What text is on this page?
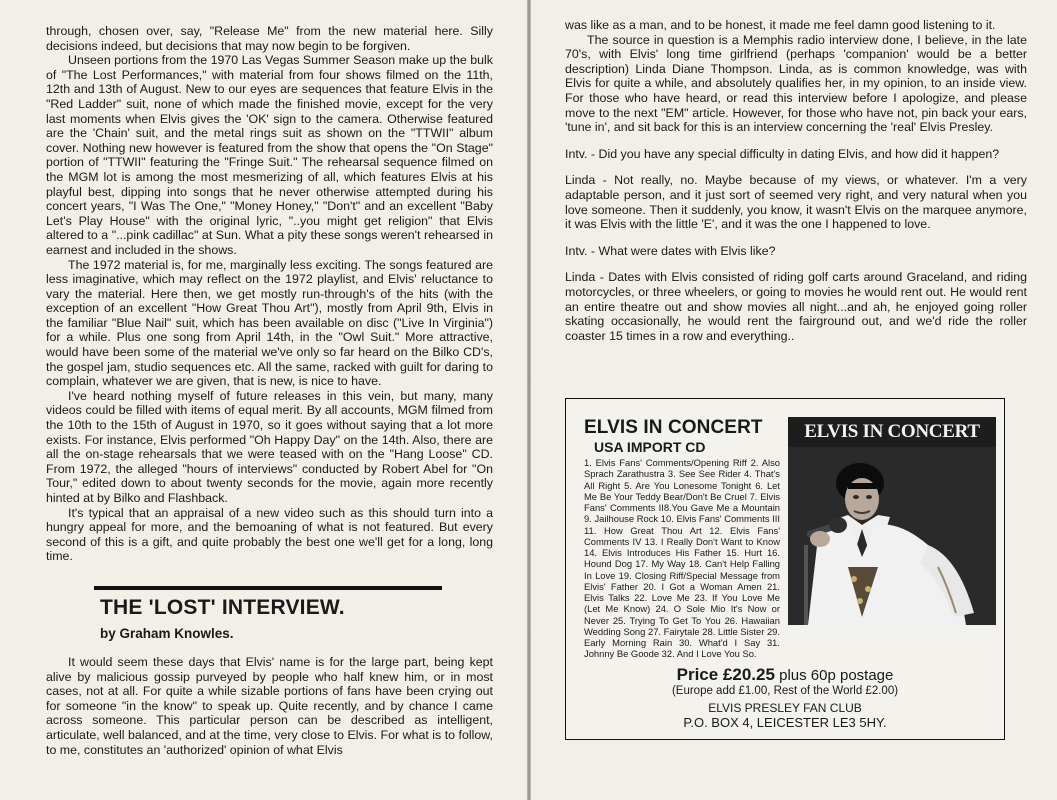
through, chosen over, say, "Release Me" from the new material here. Silly decisions indeed, but decisions that may now begin to be forgiven.

Unseen portions from the 1970 Las Vegas Summer Season make up the bulk of "The Lost Performances," with material from four shows filmed on the 11th, 12th and 13th of August. New to our eyes are sequences that feature Elvis in the "Red Ladder" suit, none of which made the finished movie, except for the very last moments when Elvis gives the 'OK' sign to the camera. Otherwise featured are the 'Chain' suit, and the metal rings suit as shown on the "TTWII" album cover. Nothing new however is featured from the show that opens the "On Stage" portion of "TTWII" featuring the "Fringe Suit." The rehearsal sequence filmed on the MGM lot is among the most mesmerizing of all, which features Elvis at his playful best, dipping into songs that he never otherwise attempted during his concert years, "I Was The One," "Money Honey," "Don't" and an excellent "Baby Let's Play House" with the original lyric, "..you might get religion" that Elvis altered to a "...pink cadillac" at Sun. What a pity these songs weren't rehearsed in earnest and included in the shows.

The 1972 material is, for me, marginally less exciting. The songs featured are less imaginative, which may reflect on the 1972 playlist, and Elvis' reluctance to vary the material. Here then, we get mostly run-through's of the hits (with the exception of an excellent "How Great Thou Art"), mostly from April 9th, Elvis in the familiar "Blue Nail" suit, which has been available on disc ("Live In Virginia") for a while. Plus one song from April 14th, in the "Owl Suit." More attractive, would have been some of the material we've only so far heard on the Bilko CD's, the gospel jam, studio sequences etc. All the same, racked with guilt for daring to complain, whatever we are given, that is new, is nice to have.

I've heard nothing myself of future releases in this vein, but many, many videos could be filled with items of equal merit. By all accounts, MGM filmed from the 10th to the 15th of August in 1970, so it goes without saying that a lot more exists. For instance, Elvis performed "Oh Happy Day" on the 14th. Also, there are all the on-stage rehearsals that we were teased with on the "Hang Loose" CD. From 1972, the alleged "hours of interviews" conducted by Robert Abel for "On Tour," edited down to about twenty seconds for the movie, again more recently hinted at by Bilko and Flashback.

It's typical that an appraisal of a new video such as this should turn into a hungry appeal for more, and the bemoaning of what is not featured. But every second of this is a gift, and quite probably the best one we'll get for a long, long time.

THE 'LOST' INTERVIEW.
by Graham Knowles.

It would seem these days that Elvis' name is for the large part, being kept alive by malicious gossip purveyed by people who half knew him, or in most cases, not at all. For quite a while sizable portions of fans have been crying out for someone "in the know" to speak up. Quite recently, and by chance I came across someone. This particular person can be described as intelligent, articulate, well balanced, and at the time, very close to Elvis. For what is to follow, to me, constitutes an 'authorized' opinion of what Elvis

was like as a man, and to be honest, it made me feel damn good listening to it.

The source in question is a Memphis radio interview done, I believe, in the late 70's, with Elvis' long time girlfriend (perhaps 'companion' would be a better description) Linda Diane Thompson. Linda, as is common knowledge, was with Elvis for quite a while, and absolutely qualifies her, in my opinion, to an inside view. For those who have heard, or read this interview before I apologize, and please move to the next "EM" article. However, for those who have not, pin back your ears, 'tune in', and sit back for this is an interview concerning the 'real' Elvis Presley.

Intv. - Did you have any special difficulty in dating Elvis, and how did it happen?

Linda - Not really, no. Maybe because of my views, or whatever. I'm a very adaptable person, and it just sort of seemed very right, and very natural when you love someone. Then it suddenly, you know, it wasn't Elvis on the marquee anymore, it was Elvis with the little 'E', and it was the one I happened to love.

Intv. - What were dates with Elvis like?

Linda - Dates with Elvis consisted of riding golf carts around Graceland, and riding motorcycles, or three wheelers, or going to movies he would rent out. He would rent an entire theatre out and show movies all night...and ah, he enjoyed going roller skating occasionally, he would rent the fairground out, and we'd ride the roller coaster 15 times in a row and everything..

ELVIS IN CONCERT
USA IMPORT CD
1. Elvis Fans' Comments/Opening Riff 2. Also Sprach Zarathustra 3. See See Rider 4. That's All Right 5. Are You Lonesome Tonight 6. Let Me Be Your Teddy Bear/Don't Be Cruel 7. Elvis Fans' Comments II8.You Gave Me a Mountain 9. Jailhouse Rock 10. Elvis Fans' Comments III 11. How Great Thou Art 12. Elvis Fans' Comments IV 13. I Really Don't Want to Know 14. Elvis Introduces His Father 15. Hurt 16. Hound Dog 17. My Way 18. Can't Help Falling In Love 19. Closing Riff/Special Message from Elvis' Father 20. I Got a Woman Amen 21. Elvis Talks 22. Love Me 23. If You Love Me (Let Me Know) 24. O Sole Mio It's Now or Never 25. Trying To Get To You 26. Hawaiian Wedding Song 27. Fairytale 28. Little Sister 29. Early Morning Rain 30. What'd I Say 31. Johnny Be Goode 32. And I Love You So.
ELVIS IN CONCERT
Price £20.25 plus 60p postage
(Europe add £1.00, Rest of the World £2.00)
ELVIS PRESLEY FAN CLUB
P.O. BOX 4, LEICESTER LE3 5HY.
